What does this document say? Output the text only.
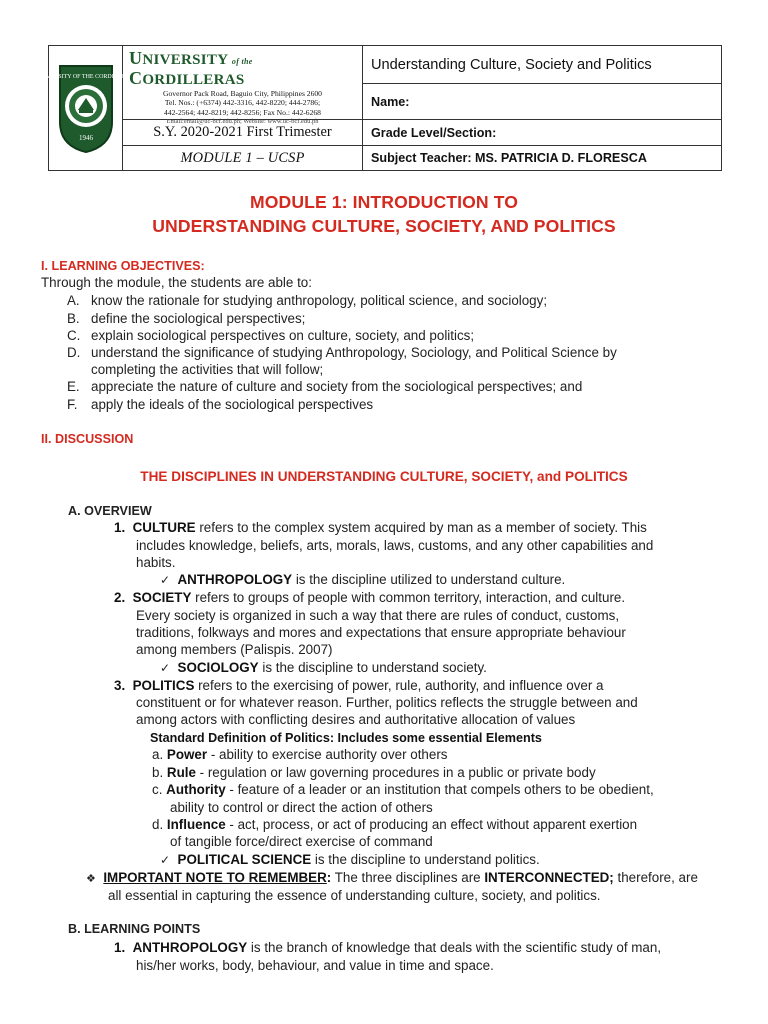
UNIVERSITY OF THE CORDILLERAS
1946
UNIVERSITY of the CORDILLERAS
Governor Pack Road, Baguio City, Philippines 2600
Tel. Nos.: (+6374) 442-3316, 442-8220; 444-2786;
442-2564; 442-8219; 442-8256; Fax No.: 442-6268
Email:email@uc-bcf.edu.ph; Website: www.uc-bcf.edu.ph
S.Y. 2020-2021 First Trimester
MODULE 1 – UCSP
Understanding Culture, Society and Politics
Name:
Grade Level/Section:
Subject Teacher: MS. PATRICIA D. FLORESCA
MODULE 1: INTRODUCTION TO
UNDERSTANDING CULTURE, SOCIETY, AND POLITICS
I. LEARNING OBJECTIVES:
Through the module, the students are able to:
A. know the rationale for studying anthropology, political science, and sociology;
B. define the sociological perspectives;
C. explain sociological perspectives on culture, society, and politics;
D. understand the significance of studying Anthropology, Sociology, and Political Science by
completing the activities that will follow;
E. appreciate the nature of culture and society from the sociological perspectives; and
F. apply the ideals of the sociological perspectives
II. DISCUSSION
THE DISCIPLINES IN UNDERSTANDING CULTURE, SOCIETY, and POLITICS
A. OVERVIEW
1. CULTURE refers to the complex system acquired by man as a member of society. This
includes knowledge, beliefs, arts, morals, laws, customs, and any other capabilities and
habits.
✓ ANTHROPOLOGY is the discipline utilized to understand culture.
2. SOCIETY refers to groups of people with common territory, interaction, and culture.
Every society is organized in such a way that there are rules of conduct, customs,
traditions, folkways and mores and expectations that ensure appropriate behaviour
among members (Palispis. 2007)
✓ SOCIOLOGY is the discipline to understand society.
3. POLITICS refers to the exercising of power, rule, authority, and influence over a
constituent or for whatever reason. Further, politics reflects the struggle between and
among actors with conflicting desires and authoritative allocation of values
Standard Definition of Politics: Includes some essential Elements
a. Power - ability to exercise authority over others
b. Rule - regulation or law governing procedures in a public or private body
c. Authority - feature of a leader or an institution that compels others to be obedient,
ability to control or direct the action of others
d. Influence - act, process, or act of producing an effect without apparent exertion
of tangible force/direct exercise of command
✓ POLITICAL SCIENCE is the discipline to understand politics.
❖ IMPORTANT NOTE TO REMEMBER: The three disciplines are INTERCONNECTED; therefore, are
all essential in capturing the essence of understanding culture, society, and politics.
B. LEARNING POINTS
1. ANTHROPOLOGY is the branch of knowledge that deals with the scientific study of man,
his/her works, body, behaviour, and value in time and space.
